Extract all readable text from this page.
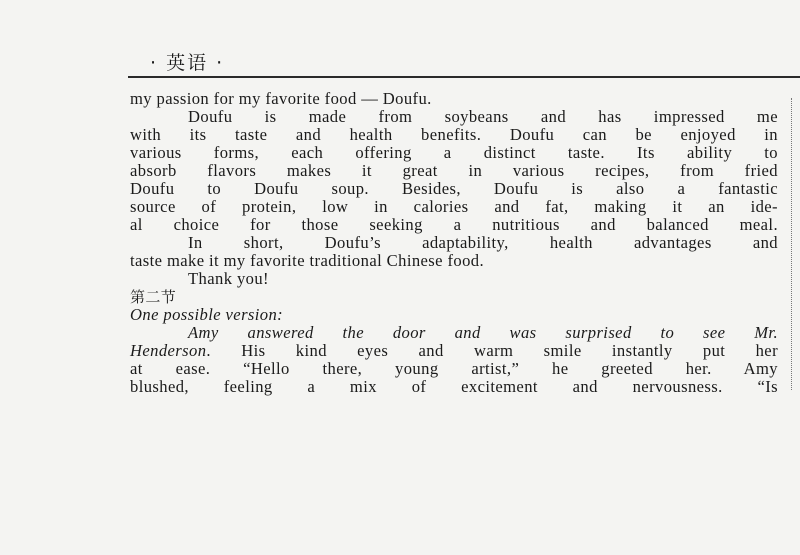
· 英语 ·
my passion for my favorite food — Doufu.
Doufu is made from soybeans and has impressed me
with its taste and health benefits. Doufu can be enjoyed in
various forms, each offering a distinct taste. Its ability to
absorb flavors makes it great in various recipes, from fried
Doufu to Doufu soup. Besides, Doufu is also a fantastic
source of protein, low in calories and fat, making it an ide-
al choice for those seeking a nutritious and balanced meal.
In short, Doufu’s adaptability, health advantages and
taste make it my favorite traditional Chinese food.
Thank you!
第二节
One possible version:
Amy answered the door and was surprised to see Mr.
Henderson. His kind eyes and warm smile instantly put her
at ease. “Hello there, young artist,” he greeted her. Amy
blushed, feeling a mix of excitement and nervousness. “Is
